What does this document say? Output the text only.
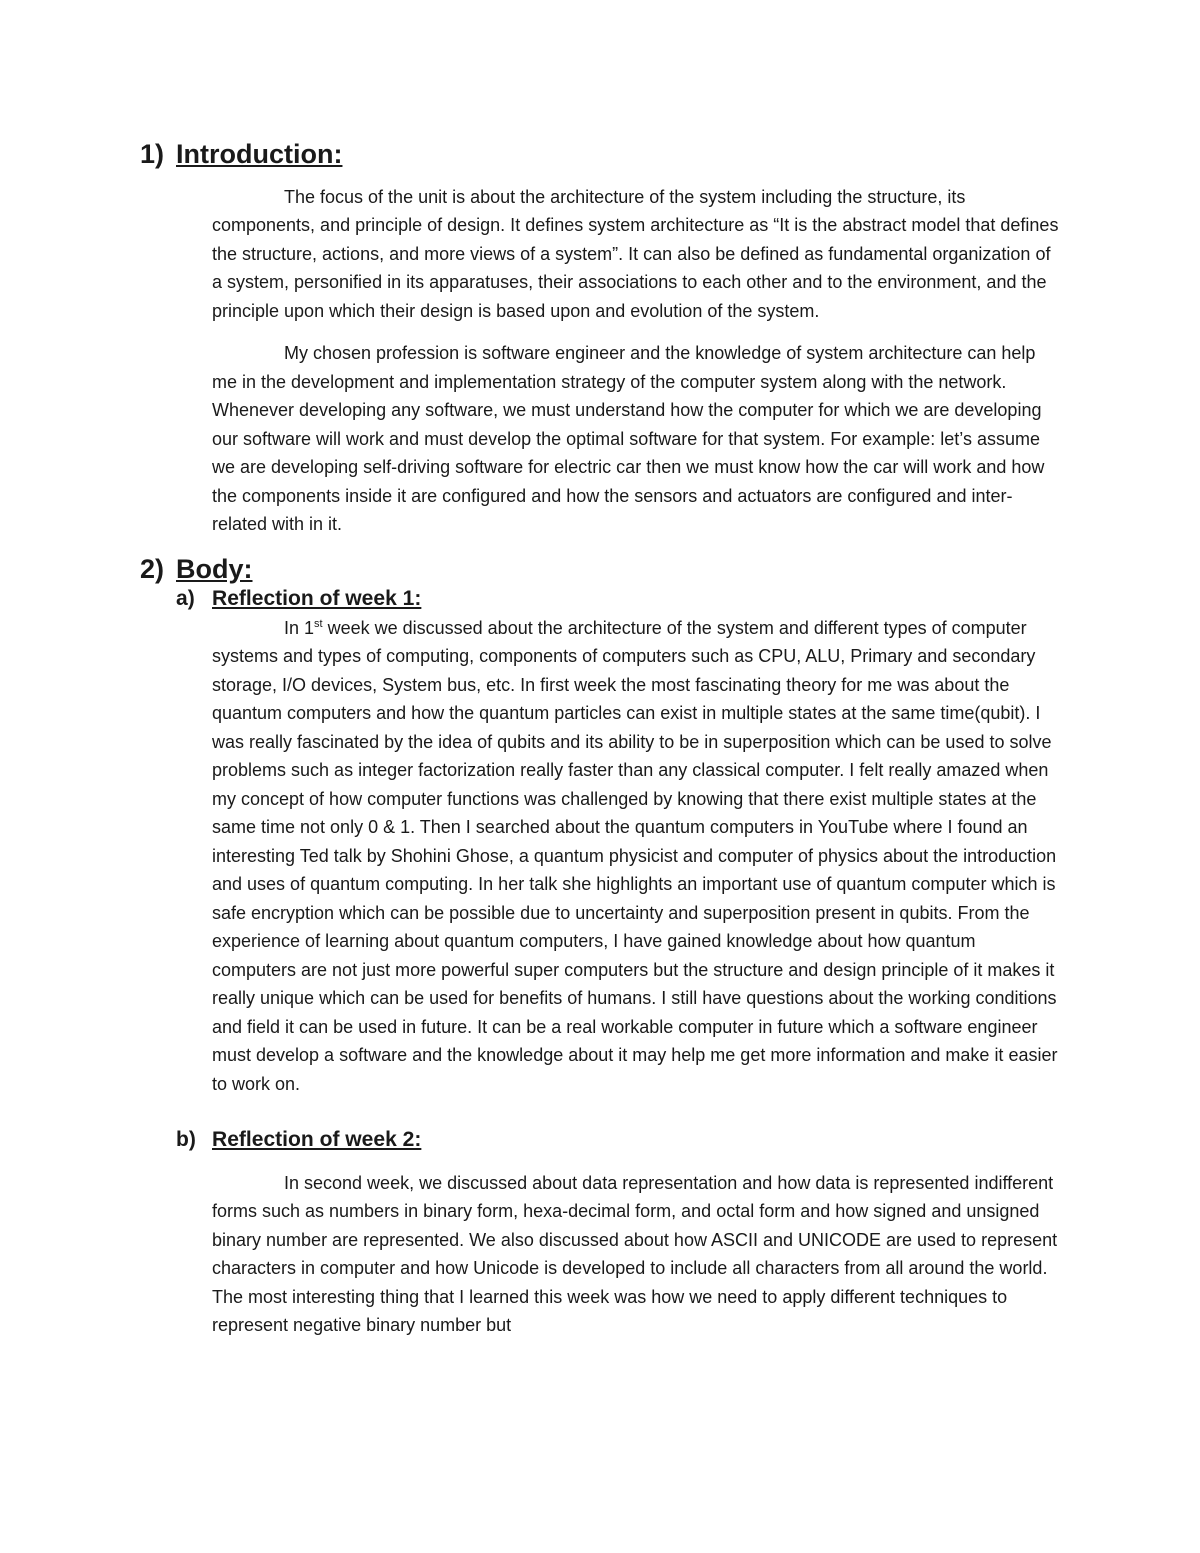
1) Introduction:

The focus of the unit is about the architecture of the system including the structure, its components, and principle of design. It defines system architecture as “It is the abstract model that defines the structure, actions, and more views of a system”. It can also be defined as fundamental organization of a system, personified in its apparatuses, their associations to each other and to the environment, and the principle upon which their design is based upon and evolution of the system.

My chosen profession is software engineer and the knowledge of system architecture can help me in the development and implementation strategy of the computer system along with the network. Whenever developing any software, we must understand how the computer for which we are developing our software will work and must develop the optimal software for that system. For example: let’s assume we are developing self-driving software for electric car then we must know how the car will work and how the components inside it are configured and how the sensors and actuators are configured and inter-related with in it.

2) Body:
a) Reflection of week 1:

In 1st week we discussed about the architecture of the system and different types of computer systems and types of computing, components of computers such as CPU, ALU, Primary and secondary storage, I/O devices, System bus, etc. In first week the most fascinating theory for me was about the quantum computers and how the quantum particles can exist in multiple states at the same time(qubit). I was really fascinated by the idea of qubits and its ability to be in superposition which can be used to solve problems such as integer factorization really faster than any classical computer. I felt really amazed when my concept of how computer functions was challenged by knowing that there exist multiple states at the same time not only 0 & 1. Then I searched about the quantum computers in YouTube where I found an interesting Ted talk by Shohini Ghose, a quantum physicist and computer of physics about the introduction and uses of quantum computing. In her talk she highlights an important use of quantum computer which is safe encryption which can be possible due to uncertainty and superposition present in qubits. From the experience of learning about quantum computers, I have gained knowledge about how quantum computers are not just more powerful super computers but the structure and design principle of it makes it really unique which can be used for benefits of humans. I still have questions about the working conditions and field it can be used in future. It can be a real workable computer in future which a software engineer must develop a software and the knowledge about it may help me get more information and make it easier to work on.

b) Reflection of week 2:

In second week, we discussed about data representation and how data is represented indifferent forms such as numbers in binary form, hexa-decimal form, and octal form and how signed and unsigned binary number are represented. We also discussed about how ASCII and UNICODE are used to represent characters in computer and how Unicode is developed to include all characters from all around the world. The most interesting thing that I learned this week was how we need to apply different techniques to represent negative binary number but
